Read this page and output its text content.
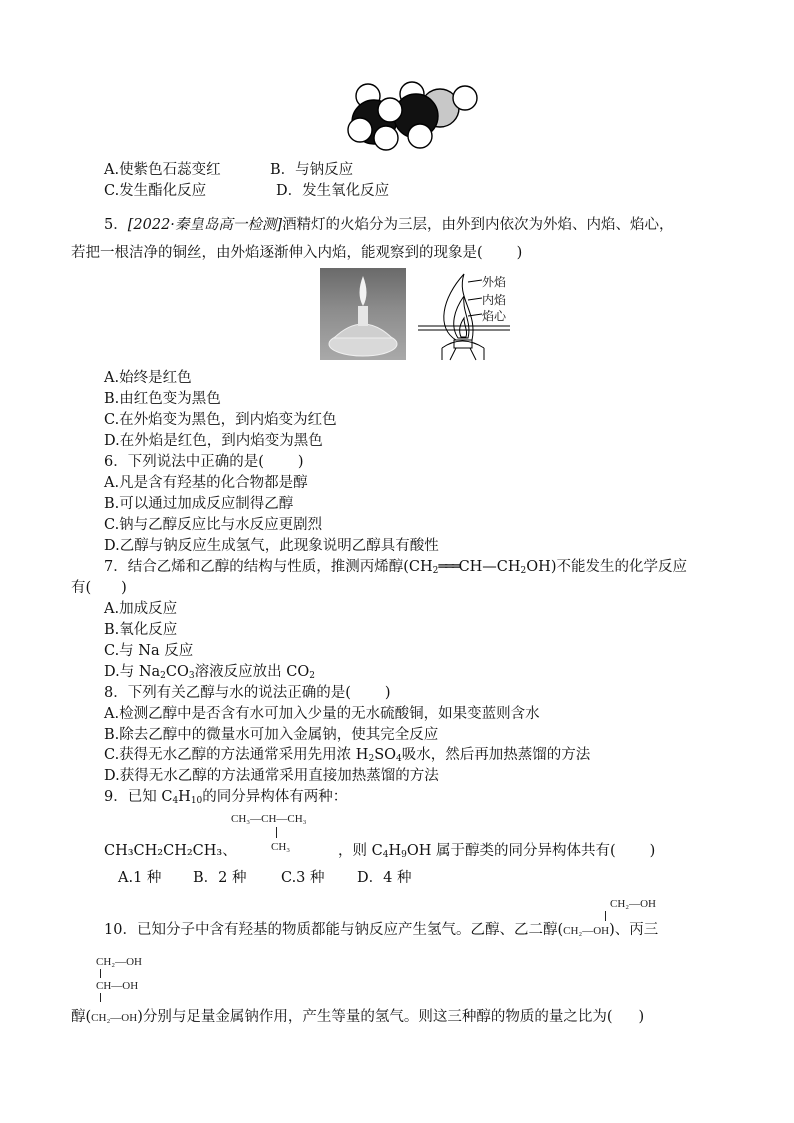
A.使紫色石蕊变红	B．与钠反应
C.发生酯化反应	D．发生氧化反应
5．[2022·秦皇岛高一检测]酒精灯的火焰分为三层，由外到内依次为外焰、内焰、焰心，
若把一根洁净的铜丝，由外焰逐渐伸入内焰，能观察到的现象是( )
外焰
内焰
焰心
A.始终是红色
B.由红色变为黑色
C.在外焰变为黑色，到内焰变为红色
D.在外焰是红色，到内焰变为黑色
6．下列说法中正确的是( )
A.凡是含有羟基的化合物都是醇
B.可以通过加成反应制得乙醇
C.钠与乙醇反应比与水反应更剧烈
D.乙醇与钠反应生成氢气，此现象说明乙醇具有酸性
7．结合乙烯和乙醇的结构与性质，推测丙烯醇$(CH_2═══CH—CH_2OH)$不能发生的化学反应
有( )
A.加成反应
B.氧化反应
C.与 Na 反应
D.与 $Na_2CO_3$溶液反应放出 $CO_2$
8．下列有关乙醇与水的说法正确的是( )
A.检测乙醇中是否含有水可加入少量的无水硫酸铜，如果变蓝则含水
B.除去乙醇中的微量水可加入金属钠，使其完全反应
C.获得无水乙醇的方法通常采用先用浓 $H_2SO_4$吸水，然后再加热蒸馏的方法
D.获得无水乙醇的方法通常采用直接加热蒸馏的方法
9．已知 $C_4H_{10}$的同分异构体有两种：
CH₃—CH—CH₃
CH₃
CH₃CH₂CH₂CH₃、	，则 $C_4H_9OH$ 属于醇类的同分异构体共有( )
A.1 种 B．2 种 C.3 种 D．4 种
CH₂—OH
10．已知分子中含有羟基的物质都能与钠反应产生氢气。乙醇、乙二醇(CH₂—OH)、丙三
CH₂—OH
CH—OH
醇(CH₂—OH)分别与足量金属钠作用，产生等量的氢气。则这三种醇的物质的量之比为( )
